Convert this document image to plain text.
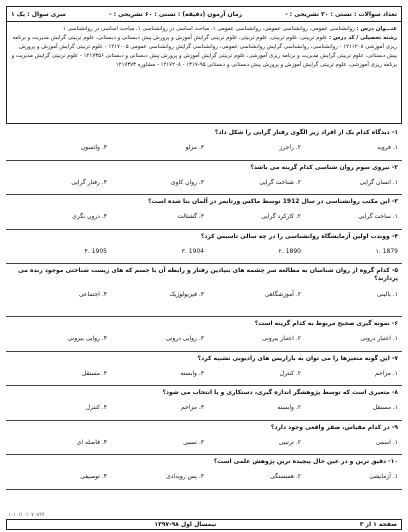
تعداد سوالات : تستی : ۳۰ تشریحی : -
زمان آزمون (دقیقه) : تستی : ۶۰ تشریحی : -
سری سوال : یک ۱
عنـــوان درس : روانشناسی عمومی، روانشناسی عمومی، روانشناسی عمومی ۱، مباحث اساسی در روانشناسی ۱، مباحث اساسی در روانشناسی ۱
رشته تحصیلی / کد درس : علوم تربیتی، علوم تربیتی، علوم تربیتی، علوم تربیتی گرایش آموزش و پرورش پیش دبستانی و دبستانی، علوم تربیتی گرایش مدیریت و برنامه ریزی آموزشی ۱۲۱۱۲۰۸ - روانشناسی، روانشناسی گرایش روانشناسی عمومی، روانشناسی گرایش روانشناسی عمومی ۱۲۱۷۰۰۵ - علوم تربیتی گرایش آموزش و پرورش پیش دبستانی، علوم تربیتی گرایش مدیریت و برنامه ریزی آموزشی، علوم تربیتی گرایش آموزش و پرورش پیش دبستانی و دبستانی ۱۲۱۷۳۵۶ - علوم تربیتی گرایش مدیریت و برنامه ریزی آموزشی، علوم تربیتی گرایش آموزش و پرورش پیش دبستانی و دبستانی ۹۵-۱۳۱۷ - ۱۲۱۷۲۰۸ - مشاوره ۱۲۱۷۳۷۳
۱- دیدگاه کدام یک از افراد زیر الگوی رفتار گرایی را شکل داد؟
۱. فروید
۲. راجرز
۳. مزلو
۴. واتسون
۲- نیروی سوم روان شناسی کدام گزینه می باشد؟
۱. انسان گرایی
۲. شناخت گرایی
۳. روان کاوی
۴. رفتار گرایی
۳- این مکتب روانشناسی در سال 1912 توسط ماکس ورتایمر در آلمان بنا شده است؟
۱. ساخت گرایی
۲. کارکرد گرایی
۳. گشتالت
۴. درون نگری
۴- ووندت اولین آزمایشگاه روانشناسی را در چه سالی تاسیس کرد؟
1879 .۱
1890 .۲
1904 .۳
1905 .۴
۵- کدام گروه از روان شناسان به مطالعه سر چشمه های بنیادین رفتار و رابطه آن با جسم که های زیست شناختی موجود زنده می پردازند؟
۱. بالینی
۲. آموزشگاهی
۳. فیزیولوژیک
۴. اجتماعی
۶- نمونه گیری صحیح مربوط به کدام گزینه است؟
۱. اعتبار درونی
۲. اعتبار بیرونی
۳. روایی درونی
۴. روایی بیرونی
۷- این گونه متغیرها را می توان به بازاریس های رادیویی تشبیه کرد؟
۱. مزاحم
۲. کنترل
۳. وابسته
۴. مستقل
۸- متغیری است که توسط پژوهشگر اندازه گیری، دستکاری و یا انتخاب می شود؟
۱. مستقل
۲. وابسته
۳. مزاحم
۴. کنترل
۹- در کدام مقیاس، صفر واقعی وجود دارد؟
۱. اسمی
۲. ترتیبی
۳. نسبی
۴. فاصله ای
۱۰- دقیق ترین و در عین حال پیچیده ترین پژوهش علمی است؟
۱. آزمایشی
۲. همبستگی
۳. پس رویدادی
۴. توصیفی
۱۰۱۰/۱۰۱۰۷۰۸۲۶
صفحه ۱ از ۳
نیمسال اول ۹۸-۱۳۹۷
